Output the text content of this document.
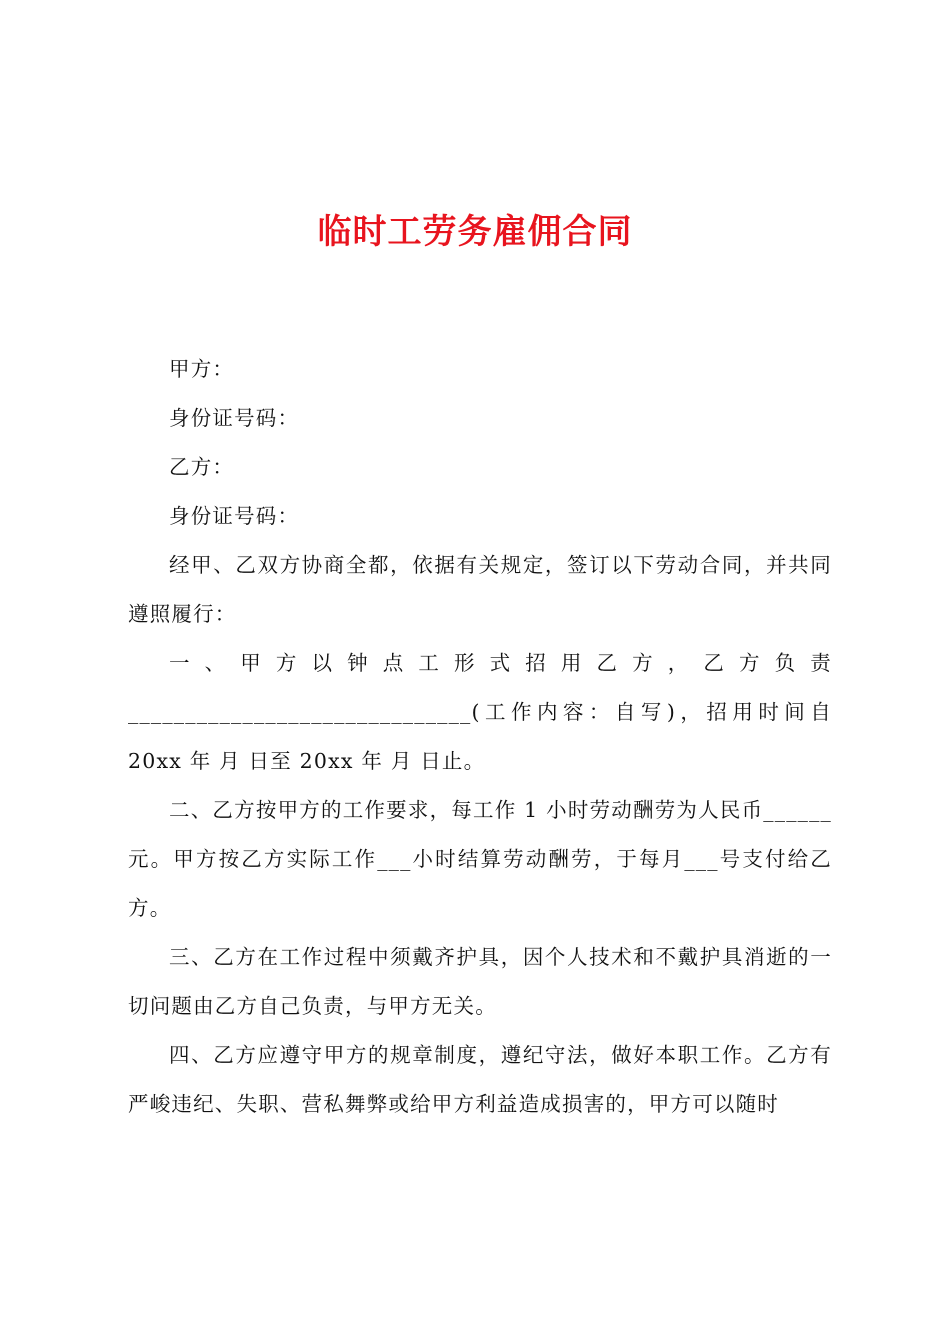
临时工劳务雇佣合同

甲方：

身份证号码：

乙方：

身份证号码：

经甲、乙双方协商全都，依据有关规定，签订以下劳动合同，并共同遵照履行：

一、甲方以钟点工形式招用乙方，乙方负责______________________________(工作内容：自写)，招用时间自 20xx 年 月 日至 20xx 年 月 日止。

二、乙方按甲方的工作要求，每工作 1 小时劳动酬劳为人民币______元。甲方按乙方实际工作___小时结算劳动酬劳，于每月___号支付给乙方。

三、乙方在工作过程中须戴齐护具，因个人技术和不戴护具消逝的一切问题由乙方自己负责，与甲方无关。

四、乙方应遵守甲方的规章制度，遵纪守法，做好本职工作。乙方有严峻违纪、失职、营私舞弊或给甲方利益造成损害的，甲方可以随时
